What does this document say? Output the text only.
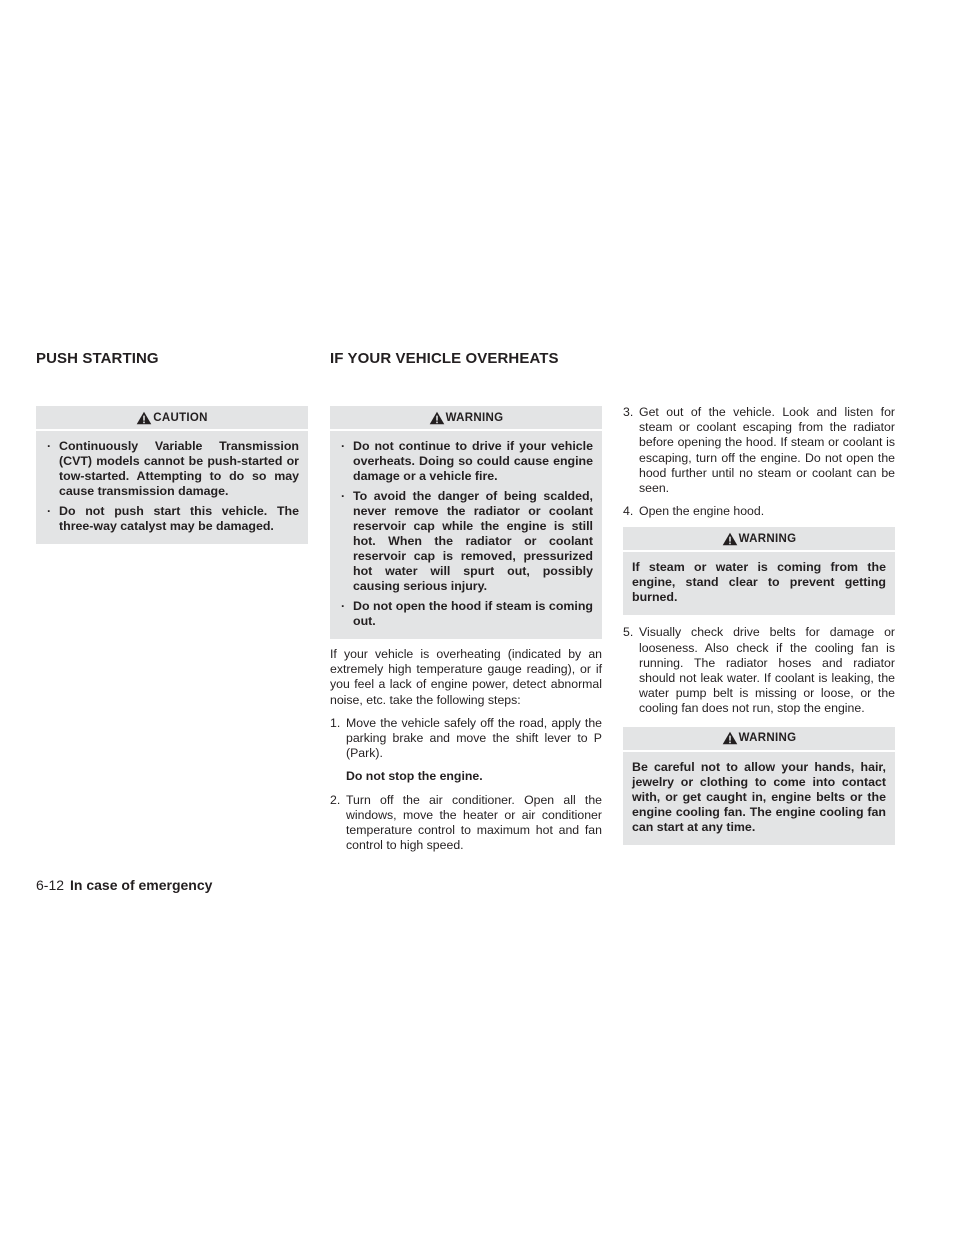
PUSH STARTING	IF YOUR VEHICLE OVERHEATS
CAUTION
· Continuously Variable Transmission (CVT) models cannot be push-started or tow-started. Attempting to do so may cause transmission damage.
· Do not push start this vehicle. The three-way catalyst may be damaged.
WARNING
· Do not continue to drive if your vehicle overheats. Doing so could cause engine damage or a vehicle fire.
· To avoid the danger of being scalded, never remove the radiator or coolant reservoir cap while the engine is still hot. When the radiator or coolant reservoir cap is removed, pressurized hot water will spurt out, possibly causing serious injury.
· Do not open the hood if steam is coming out.

If your vehicle is overheating (indicated by an extremely high temperature gauge reading), or if you feel a lack of engine power, detect abnormal noise, etc. take the following steps:

1. Move the vehicle safely off the road, apply the parking brake and move the shift lever to P (Park).
Do not stop the engine.
2. Turn off the air conditioner. Open all the windows, move the heater or air conditioner temperature control to maximum hot and fan control to high speed.
3. Get out of the vehicle. Look and listen for steam or coolant escaping from the radiator before opening the hood. If steam or coolant is escaping, turn off the engine. Do not open the hood further until no steam or coolant can be seen.
4. Open the engine hood.
WARNING

If steam or water is coming from the engine, stand clear to prevent getting burned.

5. Visually check drive belts for damage or looseness. Also check if the cooling fan is running. The radiator hoses and radiator should not leak water. If coolant is leaking, the water pump belt is missing or loose, or the cooling fan does not run, stop the engine.
WARNING

Be careful not to allow your hands, hair, jewelry or clothing to come into contact with, or get caught in, engine belts or the engine cooling fan. The engine cooling fan can start at any time.

6-12 In case of emergency
